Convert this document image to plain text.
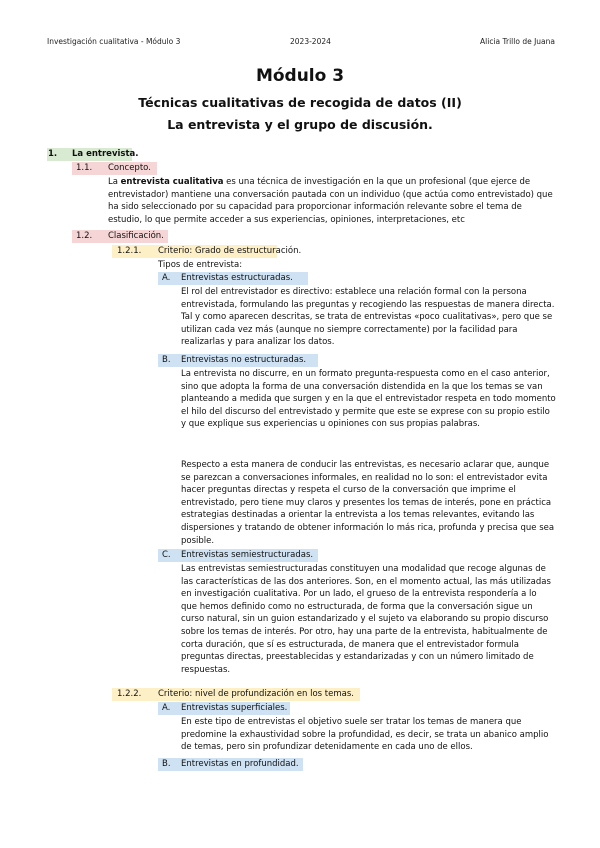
Investigación cualitativa - Módulo 3	2023-2024	Alicia Trillo de Juana
Módulo 3
Técnicas cualitativas de recogida de datos (II)
La entrevista y el grupo de discusión.
1. La entrevista.
1.1. Concepto.

La entrevista cualitativa es una técnica de investigación en la que un profesional (que ejerce de entrevistador) mantiene una conversación pautada con un individuo (que actúa como entrevistado) que ha sido seleccionado por su capacidad para proporcionar información relevante sobre el tema de estudio, lo que permite acceder a sus experiencias, opiniones, interpretaciones, etc

1.2. Clasificación.
1.2.1. Criterio: Grado de estructuración.
Tipos de entrevista:
A. Entrevistas estructuradas.

El rol del entrevistador es directivo: establece una relación formal con la persona entrevistada, formulando las preguntas y recogiendo las respuestas de manera directa. Tal y como aparecen descritas, se trata de entrevistas «poco cualitativas», pero que se utilizan cada vez más (aunque no siempre correctamente) por la facilidad para realizarlas y para analizar los datos.

B. Entrevistas no estructuradas.

La entrevista no discurre, en un formato pregunta-respuesta como en el caso anterior, sino que adopta la forma de una conversación distendida en la que los temas se van planteando a medida que surgen y en la que el entrevistador respeta en todo momento el hilo del discurso del entrevistado y permite que este se exprese con su propio estilo y que explique sus experiencias u opiniones con sus propias palabras.

Respecto a esta manera de conducir las entrevistas, es necesario aclarar que, aunque se parezcan a conversaciones informales, en realidad no lo son: el entrevistador evita hacer preguntas directas y respeta el curso de la conversación que imprime el entrevistado, pero tiene muy claros y presentes los temas de interés, pone en práctica estrategias destinadas a orientar la entrevista a los temas relevantes, evitando las dispersiones y tratando de obtener información lo más rica, profunda y precisa que sea posible.

C. Entrevistas semiestructuradas.

Las entrevistas semiestructuradas constituyen una modalidad que recoge algunas de las características de las dos anteriores. Son, en el momento actual, las más utilizadas en investigación cualitativa. Por un lado, el grueso de la entrevista respondería a lo que hemos definido como no estructurada, de forma que la conversación sigue un curso natural, sin un guion estandarizado y el sujeto va elaborando su propio discurso sobre los temas de interés. Por otro, hay una parte de la entrevista, habitualmente de corta duración, que sí es estructurada, de manera que el entrevistador formula preguntas directas, preestablecidas y estandarizadas y con un número limitado de respuestas.

1.2.2. Criterio: nivel de profundización en los temas.
A. Entrevistas superficiales.

En este tipo de entrevistas el objetivo suele ser tratar los temas de manera que predomine la exhaustividad sobre la profundidad, es decir, se trata un abanico amplio de temas, pero sin profundizar detenidamente en cada uno de ellos.

B. Entrevistas en profundidad.
